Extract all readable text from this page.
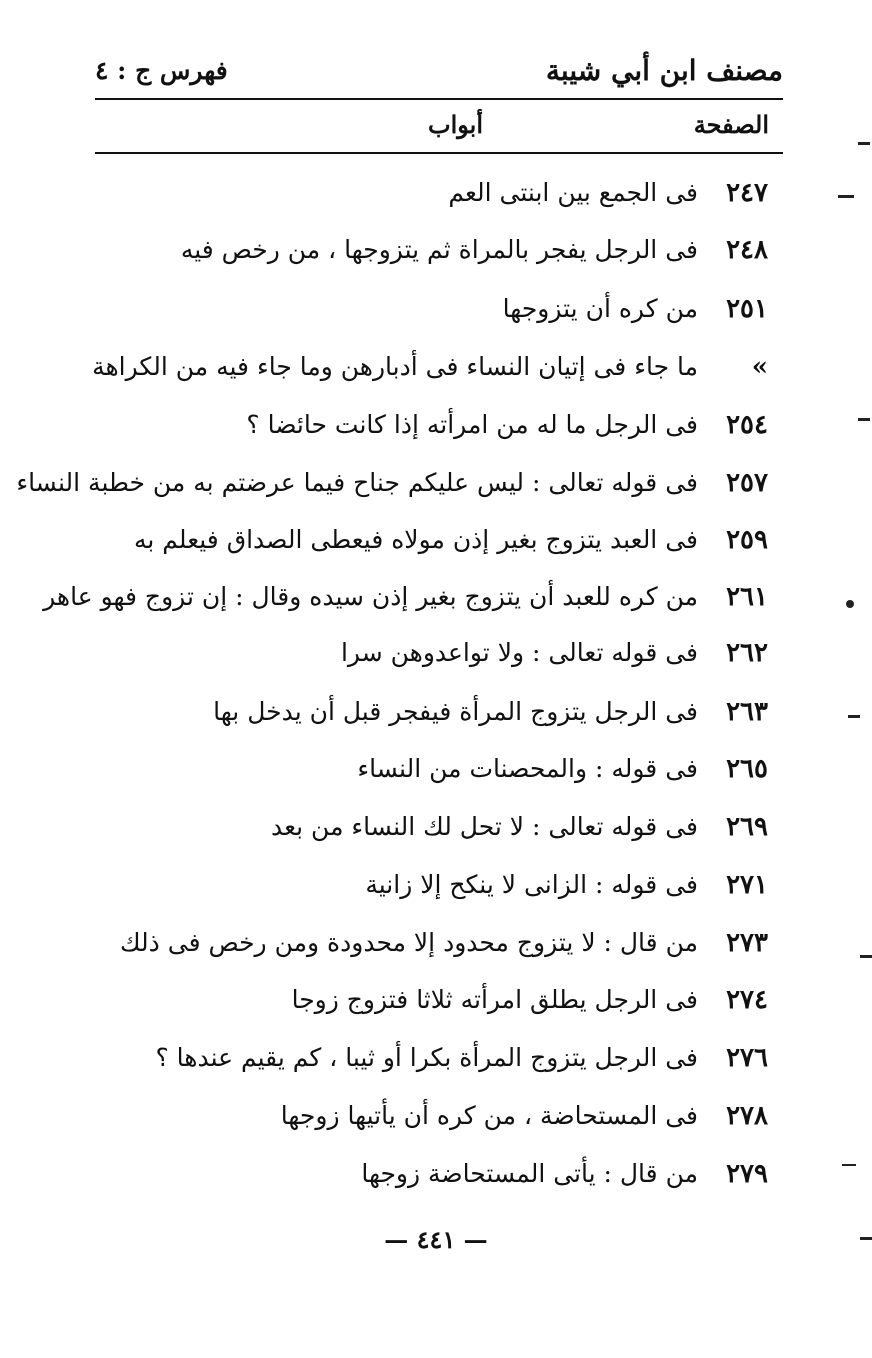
مصنف ابن أبي شيبة
فهرس ج : ٤
الصفحة
أبواب
٢٤٧
فى الجمع بين ابنتى العم
٢٤٨
فى الرجل يفجر بالمراة ثم يتزوجها ، من رخص فيه
٢٥١
من كره أن يتزوجها
»
ما جاء فى إتيان النساء فى أدبارهن وما جاء فيه من الكراهة
٢٥٤
فى الرجل ما له من امرأته إذا كانت حائضا ؟
٢٥٧
فى قوله تعالى : ليس عليكم جناح فيما عرضتم به من خطبة النساء
٢٥٩
فى العبد يتزوج بغير إذن مولاه فيعطى الصداق فيعلم به
٢٦١
من كره للعبد أن يتزوج بغير إذن سيده وقال : إن تزوج فهو عاهر
٢٦٢
فى قوله تعالى : ولا تواعدوهن سرا
٢٦٣
فى الرجل يتزوج المرأة فيفجر قبل أن يدخل بها
٢٦٥
فى قوله : والمحصنات من النساء
٢٦٩
فى قوله تعالى : لا تحل لك النساء من بعد
٢٧١
فى قوله : الزانى لا ينكح إلا زانية
٢٧٣
من قال : لا يتزوج محدود إلا محدودة ومن رخص فى ذلك
٢٧٤
فى الرجل يطلق امرأته ثلاثا فتزوج زوجا
٢٧٦
فى الرجل يتزوج المرأة بكرا أو ثيبا ، كم يقيم عندها ؟
٢٧٨
فى المستحاضة ، من كره أن يأتيها زوجها
٢٧٩
من قال : يأتى المستحاضة زوجها
— ٤٤١ —
